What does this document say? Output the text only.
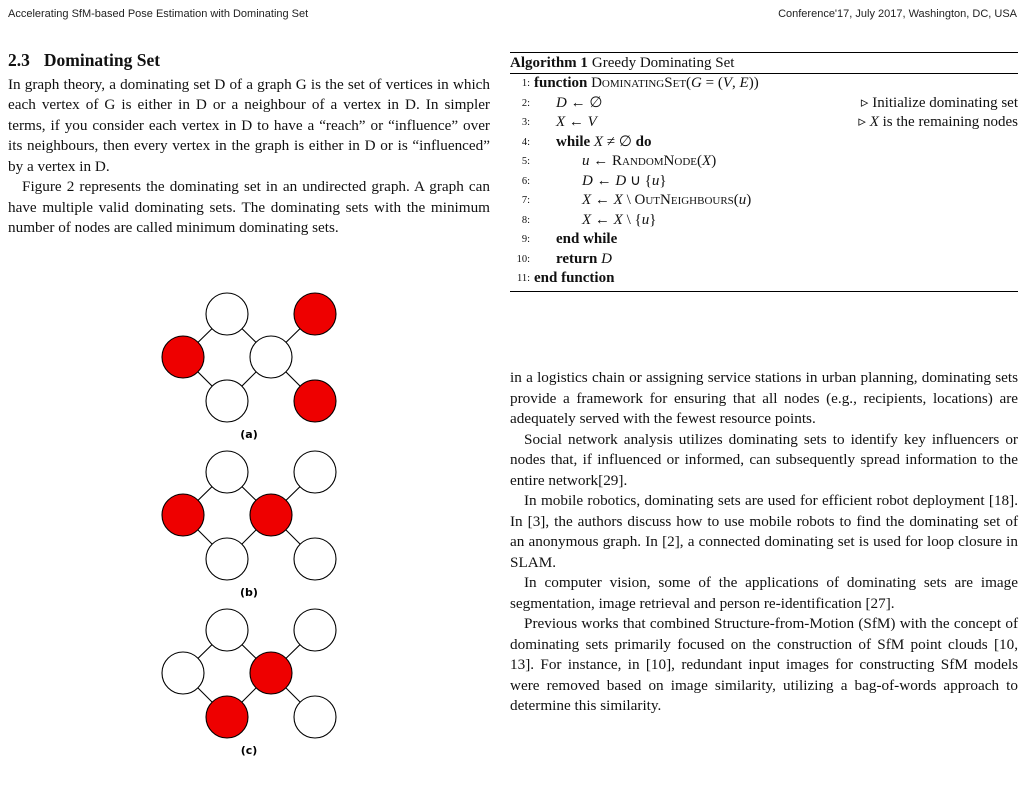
Accelerating SfM-based Pose Estimation with Dominating Set	Conference'17, July 2017, Washington, DC, USA
2.3 Dominating Set

In graph theory, a dominating set D of a graph G is the set of vertices in which each vertex of G is either in D or a neighbour of a vertex in D. In simpler terms, if you consider each vertex in D to have a “reach” or “influence” over its neighbours, then every vertex in the graph is either in D or is “influenced” by a vertex in D.

Figure 2 represents the dominating set in an undirected graph. A graph can have multiple valid dominating sets. The dominating sets with the minimum number of nodes are called minimum dominating sets.

(a)
(b)
(c)
Algorithm 1 Greedy Dominating Set
1: function DominatingSet(G = (V, E))
2: D ← ∅	▹ Initialize dominating set
3: X ← V	▹ X is the remaining nodes
4: while X ≠ ∅ do
5:	u ← RandomNode(X)
6:	D ← D ∪ {u}
7:	X ← X \ OutNeighbours(u)
8:	X ← X \ {u}
9: end while
10: return D
11: end function

in a logistics chain or assigning service stations in urban planning, dominating sets provide a framework for ensuring that all nodes (e.g., recipients, locations) are adequately served with the fewest resource points.

Social network analysis utilizes dominating sets to identify key influencers or nodes that, if influenced or informed, can subsequently spread information to the entire network[29].

In mobile robotics, dominating sets are used for efficient robot deployment [18]. In [3], the authors discuss how to use mobile robots to find the dominating set of an anonymous graph. In [2], a connected dominating set is used for loop closure in SLAM.

In computer vision, some of the applications of dominating sets are image segmentation, image retrieval and person re-identification [27].

Previous works that combined Structure-from-Motion (SfM) with the concept of dominating sets primarily focused on the construction of SfM point clouds [10, 13]. For instance, in [10], redundant input images for constructing SfM models were removed based on image similarity, utilizing a bag-of-words approach to determine this similarity.
